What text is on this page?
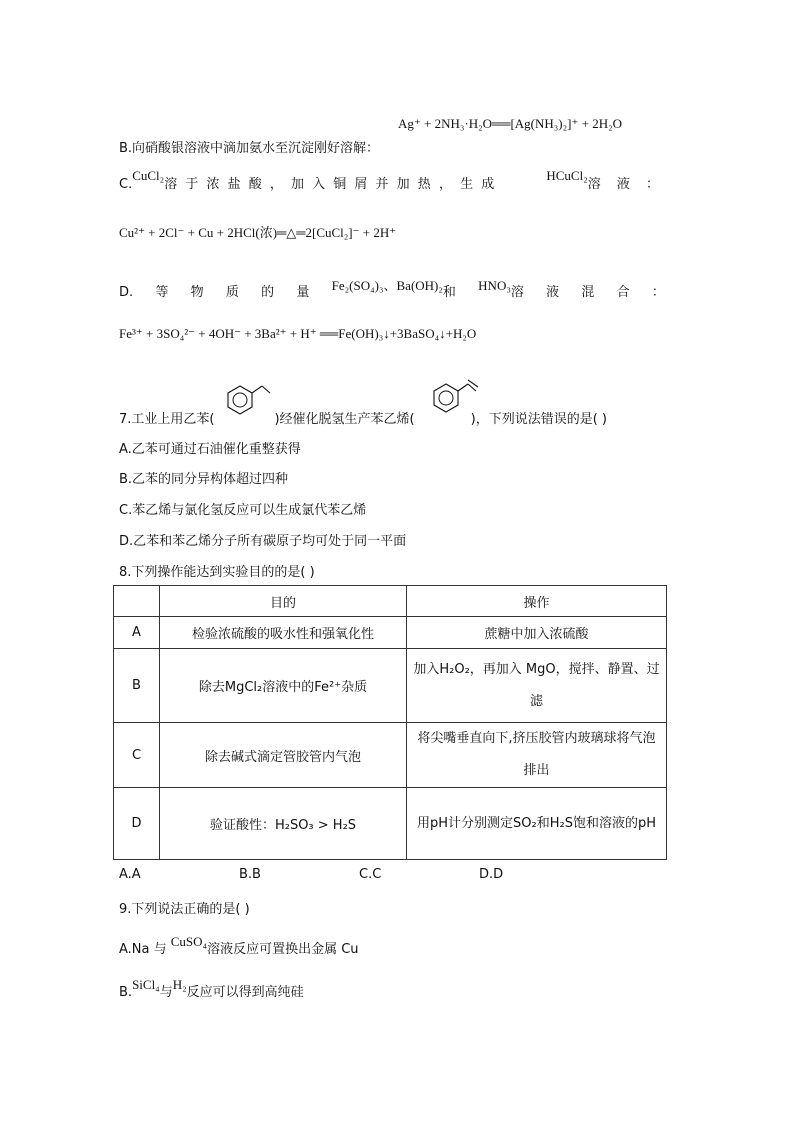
Ag⁺ + 2NH₃·H₂O══[Ag(NH₃)₂]⁺ + 2H₂O
B.向硝酸银溶液中滴加氨水至沉淀刚好溶解：
C.CuCl₂溶 于 浓 盐 酸 ， 加 入 铜 屑 并 加 热 ， 生 成
HCuCl₂溶 液 ：
Cu²⁺ + 2Cl⁻ + Cu + 2HCl(浓)═△═2[CuCl₂]⁻ + 2H⁺
D. 等 物 质 的 量 Fe₂(SO₄)₃、Ba(OH)₂和 HNO₃溶 液 混 合 ：
Fe³⁺ + 3SO₄²⁻ + 4OH⁻ + 3Ba²⁺ + H⁺ ══Fe(OH)₃↓+3BaSO₄↓+H₂O
7.工业上用乙苯(	)经催化脱氢生产苯乙烯(	)，下列说法错误的是( )
A.乙苯可通过石油催化重整获得
B.乙苯的同分异构体超过四种
C.苯乙烯与氯化氢反应可以生成氯代苯乙烯
D.乙苯和苯乙烯分子所有碳原子均可处于同一平面
8.下列操作能达到实验目的的是( )
	目的	操作
A	检验浓硫酸的吸水性和强氧化性	蔗糖中加入浓硫酸
B	除去MgCl₂溶液中的Fe²⁺杂质	加入H₂O₂，再加入 MgO，搅拌、静置、过滤
C	除去碱式滴定管胶管内气泡	将尖嘴垂直向下,挤压胶管内玻璃球将气泡排出
D	验证酸性：H₂SO₃ > H₂S	用pH计分别测定SO₂和H₂S饱和溶液的pH
A.A	B.B	C.C	D.D
9.下列说法正确的是( )
A.Na 与 CuSO₄溶液反应可置换出金属 Cu
B.SiCl₄与H₂反应可以得到高纯硅
